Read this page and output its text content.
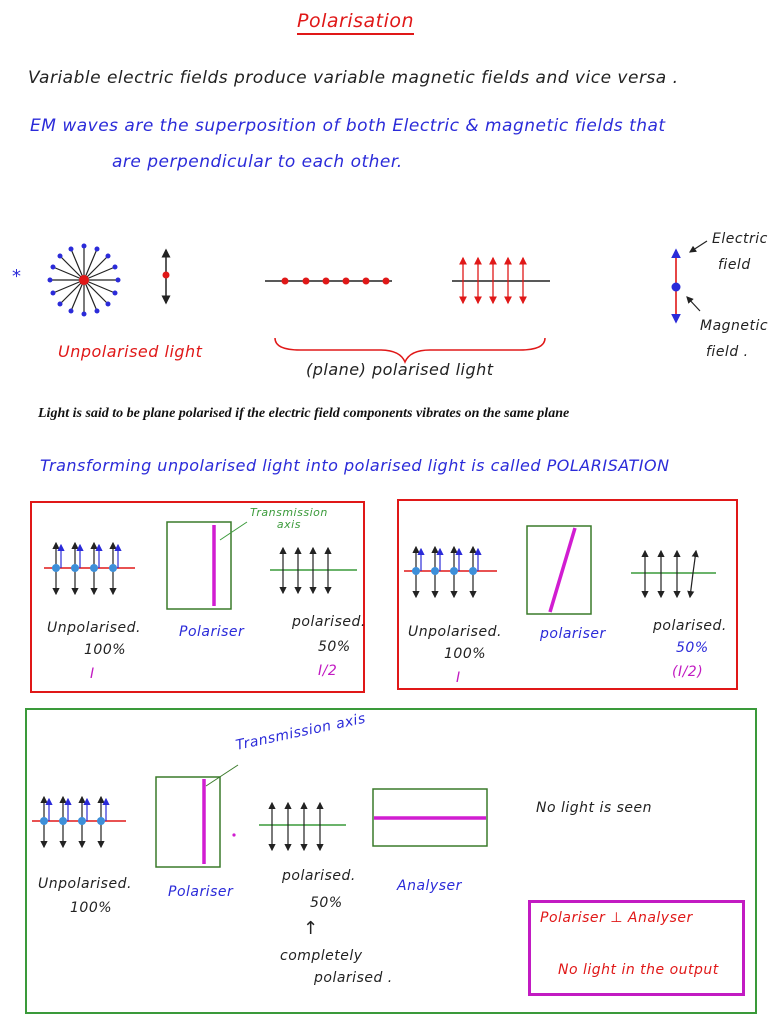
*
Polarisation
Variable electric fields produce variable magnetic fields and vice versa .
EM waves are the superposition of both Electric & magnetic fields that
are perpendicular to each other.
Unpolarised light
(plane) polarised light
Electric
field
Magnetic
field .
Light is said to be plane polarised if the electric field components vibrates on the same plane
Transforming unpolarised light into polarised light is called POLARISATION
Transmission
axis
Unpolarised.
100%
I
Polariser
polarised.
50%
I/2
Unpolarised.
100%
I
polariser	polarised.
50%
(I/2)
Transmission axis
Unpolarised.
100%
Polariser
polarised.
50%
↑
completely
polarised .
Analyser
No light is seen
Polariser ⊥ Analyser
No light in the output
